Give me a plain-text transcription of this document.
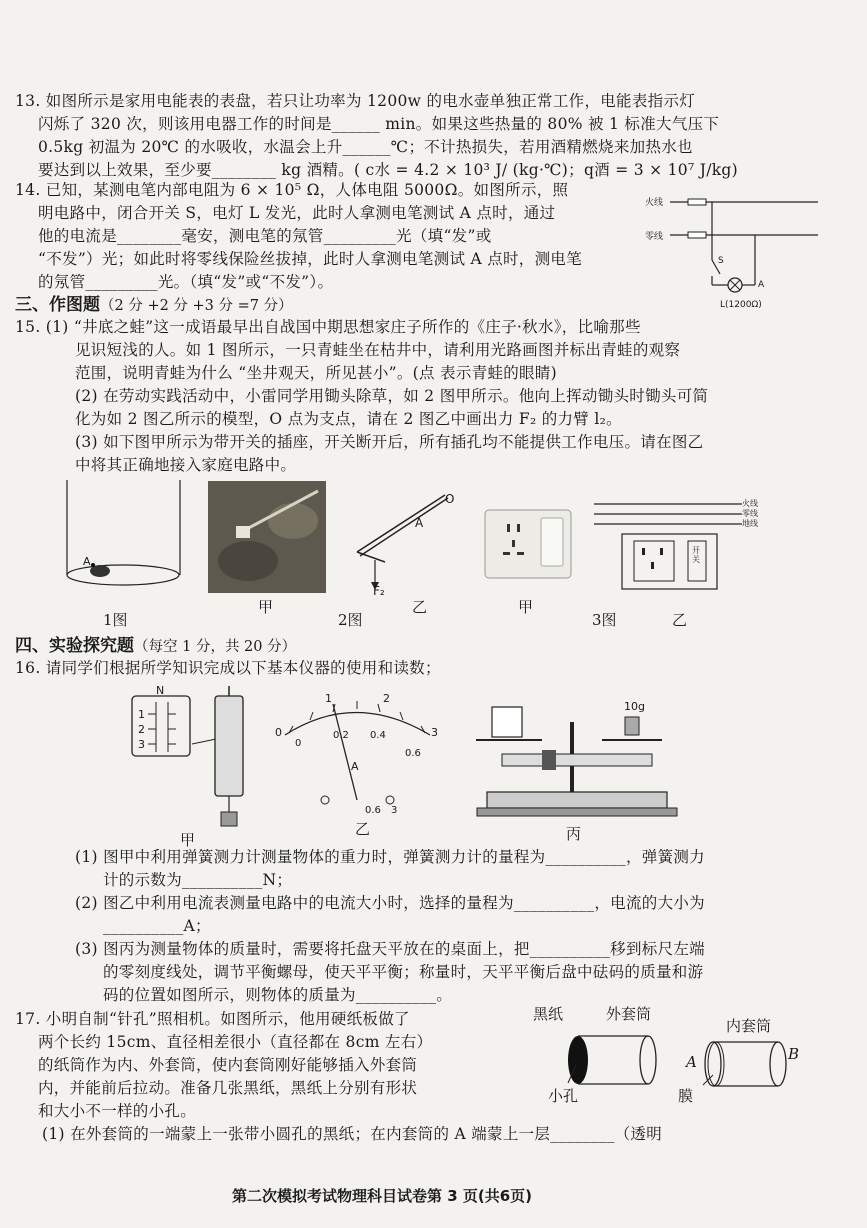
13. 如图所示是家用电能表的表盘，若只让功率为 1200w 的电水壶单独正常工作，电能表指示灯
闪烁了 320 次，则该用电器工作的时间是______ min。如果这些热量的 80% 被 1 标准大气压下
0.5kg 初温为 20℃ 的水吸收，水温会上升______℃；不计热损失，若用酒精燃烧来加热水也
要达到以上效果，至少要________ kg 酒精。( c水 = 4.2 × 10³ J/ (kg·℃)；q酒 = 3 × 10⁷ J/kg)
14. 已知，某测电笔内部电阻为 6 × 10⁵ Ω，人体电阻 5000Ω。如图所示，照
明电路中，闭合开关 S，电灯 L 发光，此时人拿测电笔测试 A 点时，通过
他的电流是________毫安，测电笔的氖管_________光（填“发”或
“不发”）光；如此时将零线保险丝拔掉，此时人拿测电笔测试 A 点时，测电笔
的氖管_________光。（填“发”或“不发”）。
火线
零线
S
A
L(1200Ω)
三、作图题（2 分 +2 分 +3 分 =7 分）
15. (1) “井底之蛙”这一成语最早出自战国中期思想家庄子所作的《庄子·秋水》，比喻那些
见识短浅的人。如 1 图所示，一只青蛙坐在枯井中，请利用光路画图并标出青蛙的观察
范围，说明青蛙为什么 “坐井观天，所见甚小”。(点 表示青蛙的眼睛)
(2) 在劳动实践活动中，小雷同学用锄头除草，如 2 图甲所示。他向上挥动锄头时锄头可简
化为如 2 图乙所示的模型，O 点为支点，请在 2 图乙中画出力 F₂ 的力臂 l₂。
(3) 如下图甲所示为带开关的插座，开关断开后，所有插孔均不能提供工作电压。请在图乙
中将其正确地接入家庭电路中。
A
1图
甲
O
A
F₂
2图
乙	甲
火线
零线
地线
开关
3图	乙
四、实验探究题（每空 1 分，共 20 分）
16. 请同学们根据所学知识完成以下基本仪器的使用和读数；
N
1
2
3
甲
0
1	2
3
0
0.2 0.4
0.6
A
0.6 3
乙
10g
丙
(1) 图甲中利用弹簧测力计测量物体的重力时，弹簧测力计的量程为__________，弹簧测力
计的示数为__________N；
(2) 图乙中利用电流表测量电路中的电流大小时，选择的量程为__________，电流的大小为
__________A；
(3) 图丙为测量物体的质量时，需要将托盘天平放在的桌面上，把__________移到标尺左端
的零刻度线处，调节平衡螺母，使天平平衡；称量时，天平平衡后盘中砝码的质量和游
码的位置如图所示，则物体的质量为__________。
17. 小明自制“针孔”照相机。如图所示，他用硬纸板做了
两个长约 15cm、直径相差很小（直径都在 8cm 左右）
的纸筒作为内、外套筒，使内套筒刚好能够插入外套筒
内，并能前后拉动。准备几张黑纸，黑纸上分别有形状
和大小不一样的小孔。
(1) 在外套筒的一端蒙上一张带小圆孔的黑纸；在内套筒的 A 端蒙上一层________（透明
黑纸	外套筒
内套筒
A	B
小孔	膜
第二次模拟考试物理科目试卷第 3 页(共6页)
